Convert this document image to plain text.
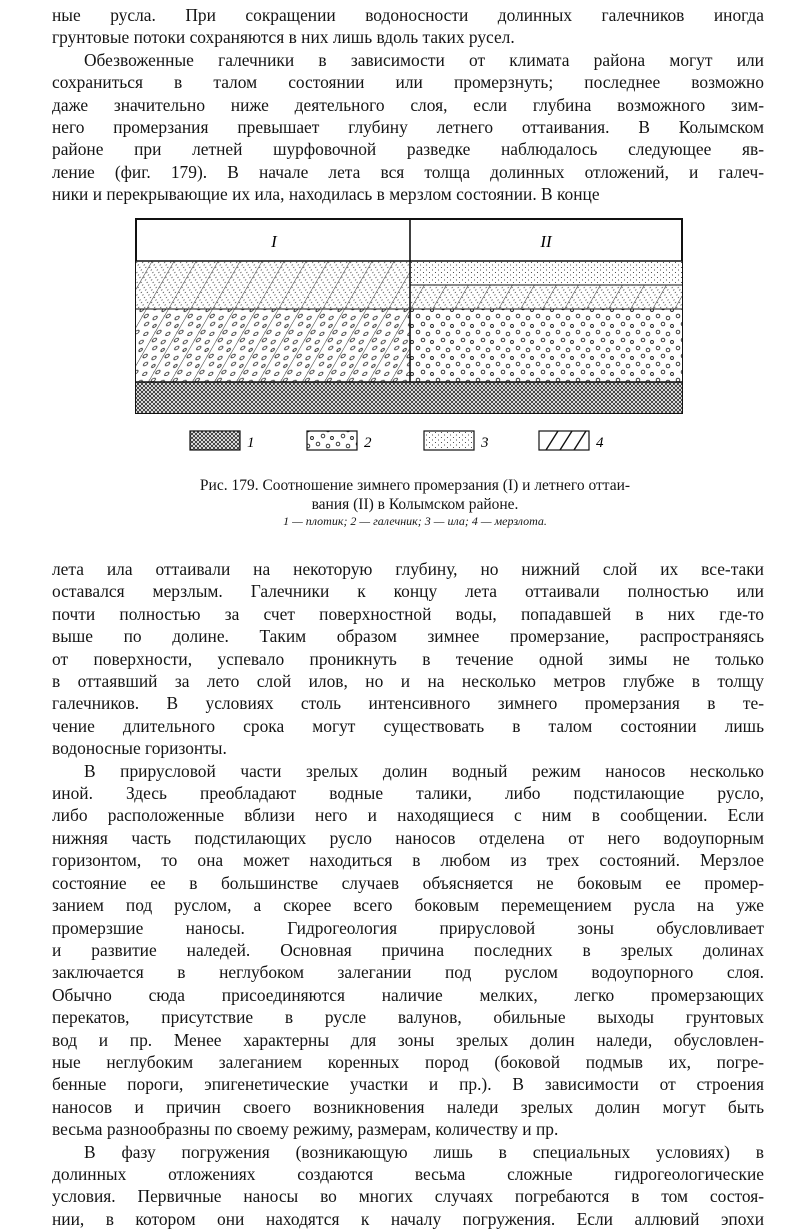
ные русла. При сокращении водоносности долинных галечников иногда
грунтовые потоки сохраняются в них лишь вдоль таких русел.

Обезвоженные галечники в зависимости от климата района могут или
сохраниться в талом состоянии или промерзнуть; последнее возможно
даже значительно ниже деятельного слоя, если глубина возможного зим-
него промерзания превышает глубину летнего оттаивания. В Колымском
районе при летней шурфовочной разведке наблюдалось следующее яв-
ление (фиг. 179). В начале лета вся толща долинных отложений, и галеч-
ники и перекрывающие их ила, находилась в мерзлом состоянии. В конце

I	II
1	2	3	4
Рис. 179. Соотношение зимнего промерзания (I) и летнего оттаи-
вания (II) в Колымском районе.
1 — плотик; 2 — галечник; 3 — ила; 4 — мерзлота.

лета ила оттаивали на некоторую глубину, но нижний слой их все-таки
оставался мерзлым. Галечники к концу лета оттаивали полностью или
почти полностью за счет поверхностной воды, попадавшей в них где-то
выше по долине. Таким образом зимнее промерзание, распространяясь
от поверхности, успевало проникнуть в течение одной зимы не только
в оттаявший за лето слой илов, но и на несколько метров глубже в толщу
галечников. В условиях столь интенсивного зимнего промерзания в те-
чение длительного срока могут существовать в талом состоянии лишь
водоносные горизонты.

В прирусловой части зрелых долин водный режим наносов несколько
иной. Здесь преобладают водные талики, либо подстилающие русло,
либо расположенные вблизи него и находящиеся с ним в сообщении. Если
нижняя часть подстилающих русло наносов отделена от него водоупорным
горизонтом, то она может находиться в любом из трех состояний. Мерзлое
состояние ее в большинстве случаев объясняется не боковым ее промер-
занием под руслом, а скорее всего боковым перемещением русла на уже
промерзшие наносы. Гидрогеология прирусловой зоны обусловливает
и развитие наледей. Основная причина последних в зрелых долинах
заключается в неглубоком залегании под руслом водоупорного слоя.
Обычно сюда присоединяются наличие мелких, легко промерзающих
перекатов, присутствие в русле валунов, обильные выходы грунтовых
вод и пр. Менее характерны для зоны зрелых долин наледи, обусловлен-
ные неглубоким залеганием коренных пород (боковой подмыв их, погре-
бенные пороги, эпигенетические участки и пр.). В зависимости от строения
наносов и причин своего возникновения наледи зрелых долин могут быть
весьма разнообразны по своему режиму, размерам, количеству и пр.

В фазу погружения (возникающую лишь в специальных условиях) в
долинных отложениях создаются весьма сложные гидрогеологические
условия. Первичные наносы во многих случаях погребаются в том состоя-
нии, в котором они находятся к началу погружения. Если аллювий эпохи
